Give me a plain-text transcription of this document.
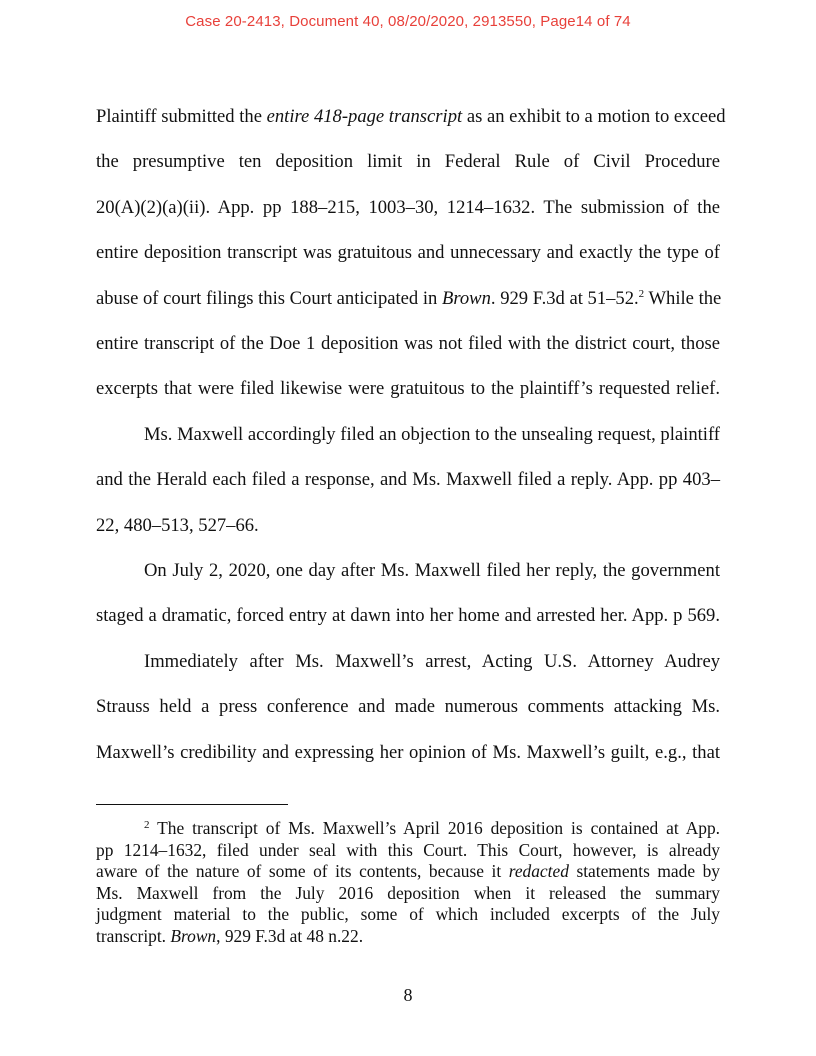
Case 20-2413, Document 40, 08/20/2020, 2913550, Page14 of 74
Plaintiff submitted the entire 418-page transcript as an exhibit to a motion to exceed
the presumptive ten deposition limit in Federal Rule of Civil Procedure
20(A)(2)(a)(ii). App. pp 188–215, 1003–30, 1214–1632. The submission of the
entire deposition transcript was gratuitous and unnecessary and exactly the type of
abuse of court filings this Court anticipated in Brown. 929 F.3d at 51–52.$^2$ While the
entire transcript of the Doe 1 deposition was not filed with the district court, those
excerpts that were filed likewise were gratuitous to the plaintiff’s requested relief.
Ms. Maxwell accordingly filed an objection to the unsealing request, plaintiff
and the Herald each filed a response, and Ms. Maxwell filed a reply. App. pp 403–
22, 480–513, 527–66.
On July 2, 2020, one day after Ms. Maxwell filed her reply, the government
staged a dramatic, forced entry at dawn into her home and arrested her. App. p 569.
Immediately after Ms. Maxwell’s arrest, Acting U.S. Attorney Audrey
Strauss held a press conference and made numerous comments attacking Ms.
Maxwell’s credibility and expressing her opinion of Ms. Maxwell’s guilt, e.g., that
$^2$ The transcript of Ms. Maxwell’s April 2016 deposition is contained at App.
pp 1214–1632, filed under seal with this Court. This Court, however, is already
aware of the nature of some of its contents, because it redacted statements made by
Ms. Maxwell from the July 2016 deposition when it released the summary
judgment material to the public, some of which included excerpts of the July
transcript. Brown, 929 F.3d at 48 n.22.
8
